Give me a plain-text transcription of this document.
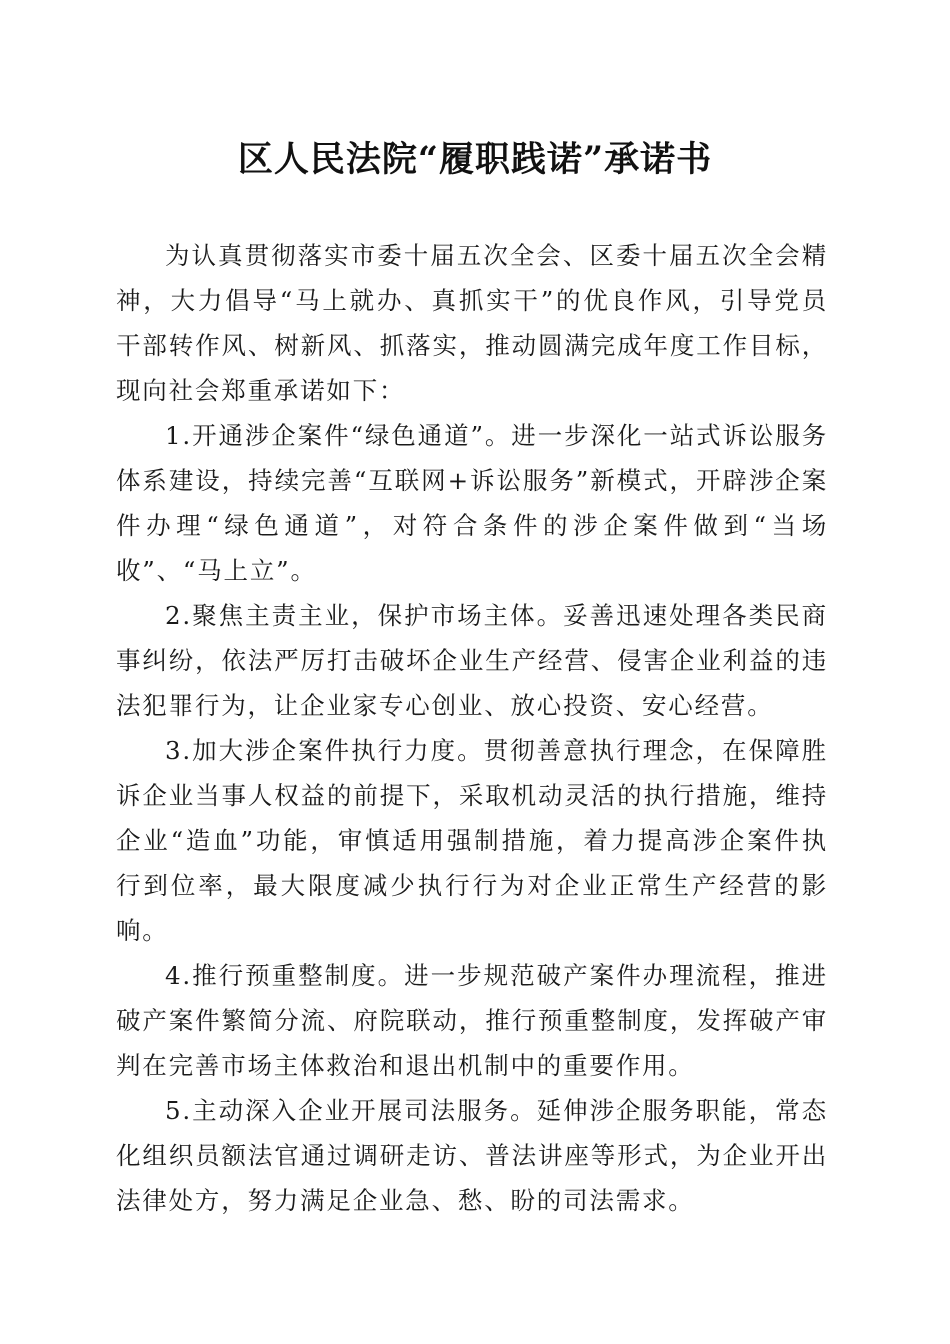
区人民法院“履职践诺”承诺书

为认真贯彻落实市委十届五次全会、区委十届五次全会精神，大力倡导“马上就办、真抓实干”的优良作风，引导党员干部转作风、树新风、抓落实，推动圆满完成年度工作目标，现向社会郑重承诺如下：

1.开通涉企案件“绿色通道”。进一步深化一站式诉讼服务体系建设，持续完善“互联网+诉讼服务”新模式，开辟涉企案件办理“绿色通道”，对符合条件的涉企案件做到“当场收”、“马上立”。

2.聚焦主责主业，保护市场主体。妥善迅速处理各类民商事纠纷，依法严厉打击破坏企业生产经营、侵害企业利益的违法犯罪行为，让企业家专心创业、放心投资、安心经营。

3.加大涉企案件执行力度。贯彻善意执行理念，在保障胜诉企业当事人权益的前提下，采取机动灵活的执行措施，维持企业“造血”功能，审慎适用强制措施，着力提高涉企案件执行到位率，最大限度减少执行行为对企业正常生产经营的影响。

4.推行预重整制度。进一步规范破产案件办理流程，推进破产案件繁简分流、府院联动，推行预重整制度，发挥破产审判在完善市场主体救治和退出机制中的重要作用。

5.主动深入企业开展司法服务。延伸涉企服务职能，常态化组织员额法官通过调研走访、普法讲座等形式，为企业开出法律处方，努力满足企业急、愁、盼的司法需求。
